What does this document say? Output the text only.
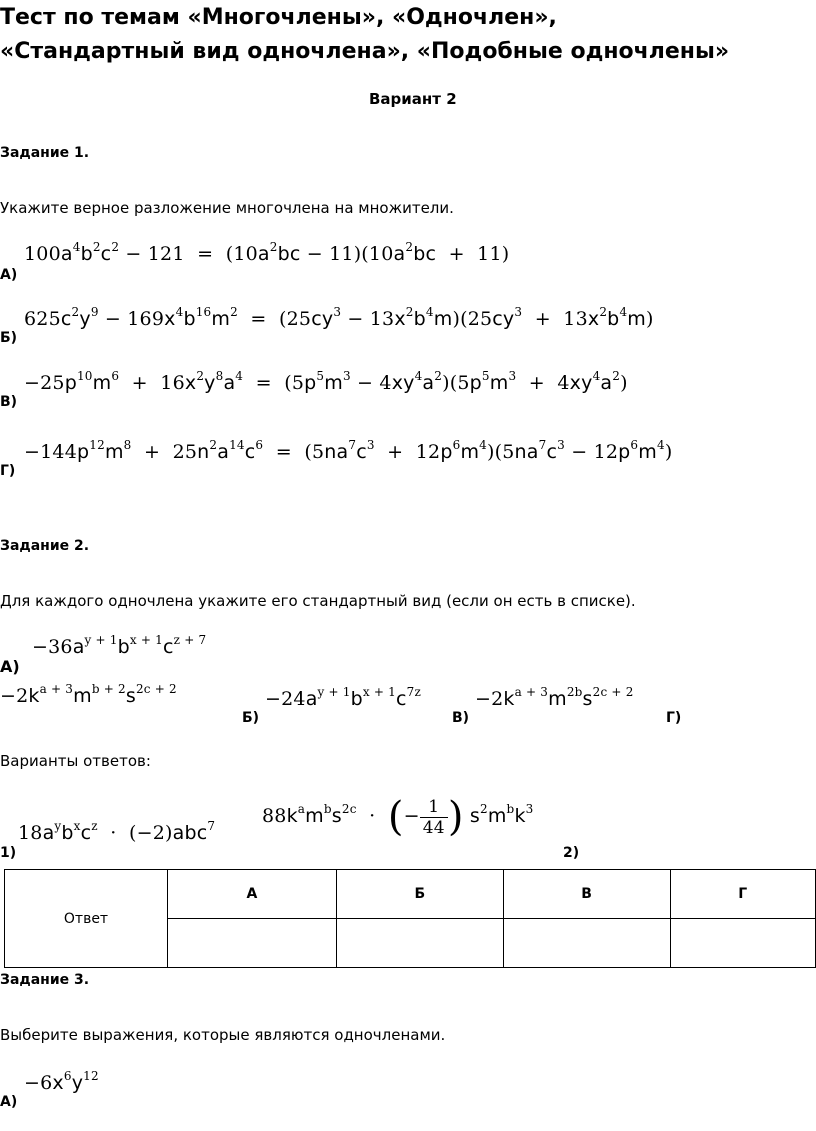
Тест по темам «Многочлены», «Одночлен»,
«Стандартный вид одночлена», «Подобные одночлены»
Вариант 2
Задание 1.
Укажите верное разложение многочлена на множители.
$100a^4b^2c^2 - 121 = (10a^2bc - 11)(10a^2bc + 11)$
А)
$625c^2y^9 - 169x^4b^{16}m^2 = (25cy^3 - 13x^2b^4m)(25cy^3 + 13x^2b^4m)$
Б)
$-25p^{10}m^6 + 16x^2y^8a^4 = (5p^5m^3 - 4xy^4a^2)(5p^5m^3 + 4xy^4a^2)$
В)
$-144p^{12}m^8 + 25n^2a^{14}c^6 = (5na^7c^3 + 12p^6m^4)(5na^7c^3 - 12p^6m^4)$
Г)
Задание 2.
Для каждого одночлена укажите его стандартный вид (если он есть в списке).
$-36a^{y + 1}b^{x + 1}c^{z + 7}$
А)
$-2k^{a + 3}m^{b + 2}s^{2c + 2}$
Б)
$-24a^{y + 1}b^{x + 1}c^{7z}$
В)
$-2k^{a + 3}m^{2b}s^{2c + 2}$
Г)
Варианты ответов:
$18a^yb^xc^z \cdot (-2)abc^7$
1)
$88k^am^bs^{2c}$  ·  (− $\frac{1}{44}$ ) $s^2m^bk^3$
2)
Ответ	А	Б	В	Г

Задание 3.
Выберите выражения, которые являются одночленами.
$-6x^6y^{12}$
А)
